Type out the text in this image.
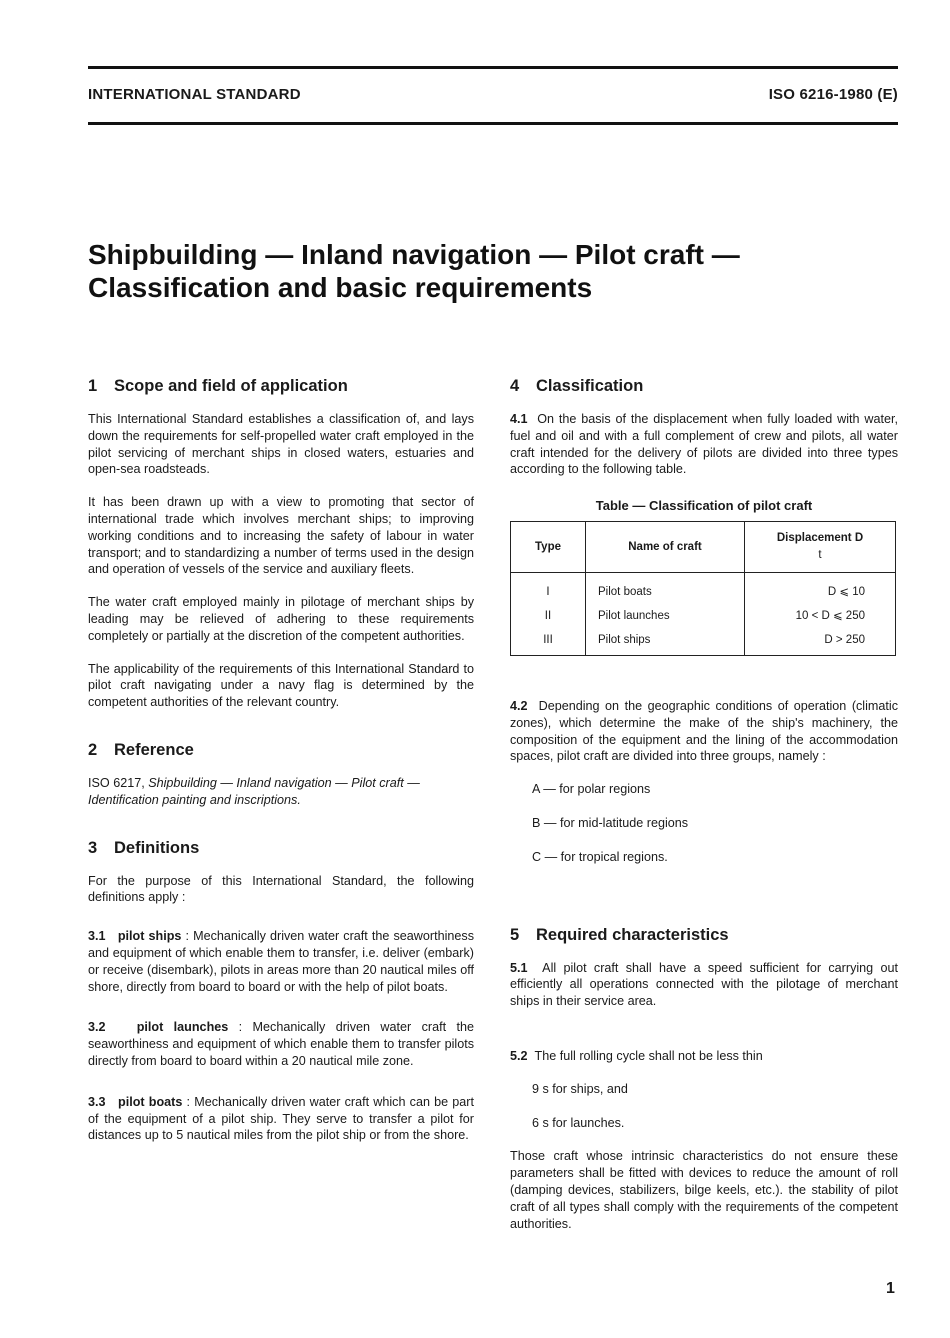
INTERNATIONAL STANDARD	ISO 6216-1980 (E)
Shipbuilding — Inland navigation — Pilot craft —
Classification and basic requirements
1 Scope and field of application

This International Standard establishes a classification of, and lays down the requirements for self-propelled water craft employed in the pilot servicing of merchant ships in closed waters, estuaries and open-sea roadsteads.

It has been drawn up with a view to promoting that sector of international trade which involves merchant ships; to improving working conditions and to increasing the safety of labour in water transport; and to standardizing a number of terms used in the design and operation of vessels of the service and auxiliary fleets.

The water craft employed mainly in pilotage of merchant ships by leading may be relieved of adhering to these requirements completely or partially at the discretion of the competent authorities.

The applicability of the requirements of this International Standard to pilot craft navigating under a navy flag is determined by the competent authorities of the relevant country.

2 Reference

ISO 6217, Shipbuilding — Inland navigation — Pilot craft — Identification painting and inscriptions.

3 Definitions

For the purpose of this International Standard, the following definitions apply :

3.1 pilot ships : Mechanically driven water craft the seaworthiness and equipment of which enable them to transfer, i.e. deliver (embark) or receive (disembark), pilots in areas more than 20 nautical miles off shore, directly from board to board or with the help of pilot boats.

3.2 pilot launches : Mechanically driven water craft the seaworthiness and equipment of which enable them to transfer pilots directly from board to board within a 20 nautical mile zone.

3.3 pilot boats : Mechanically driven water craft which can be part of the equipment of a pilot ship. They serve to transfer a pilot for distances up to 5 nautical miles from the pilot ship or from the shore.

4 Classification

4.1 On the basis of the displacement when fully loaded with water, fuel and oil and with a full complement of crew and pilots, all water craft intended for the delivery of pilots are divided into three types according to the following table.

Table — Classification of pilot craft
Type	Name of craft	Displacement D
t

I	Pilot boats	D ⩽ 10
II	Pilot launches	10 < D ⩽ 250
III	Pilot ships	D > 250

4.2 Depending on the geographic conditions of operation (climatic zones), which determine the make of the ship's machinery, the composition of the equipment and the lining of the accommodation spaces, pilot craft are divided into three groups, namely :

A — for polar regions
B — for mid-latitude regions
C — for tropical regions.
5 Required characteristics

5.1 All pilot craft shall have a speed sufficient for carrying out efficiently all operations connected with the pilotage of merchant ships in their service area.

5.2 The full rolling cycle shall not be less thin

9 s for ships, and
6 s for launches.

Those craft whose intrinsic characteristics do not ensure these parameters shall be fitted with devices to reduce the amount of roll (damping devices, stabilizers, bilge keels, etc.). the stability of pilot craft of all types shall comply with the requirements of the competent authorities.

1
